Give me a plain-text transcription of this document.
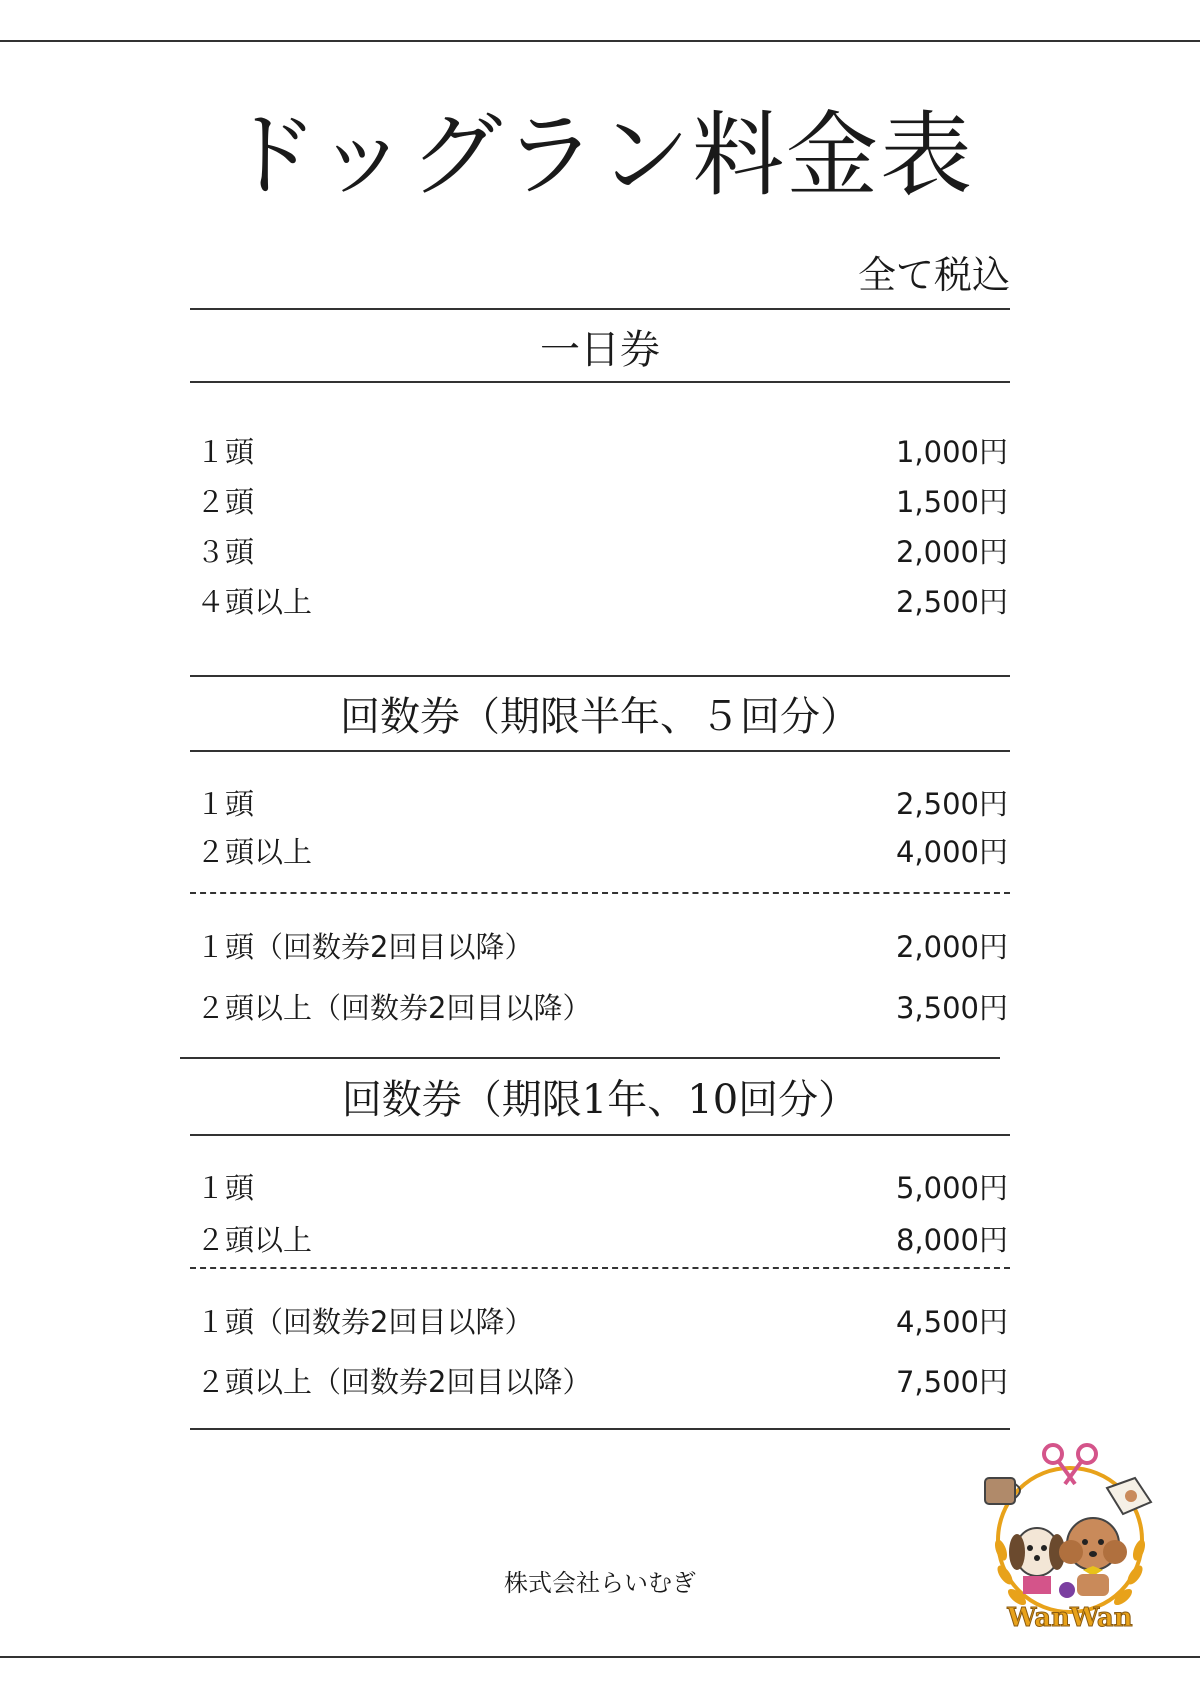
ドッグラン料金表
全て税込
一日券
１頭	1,000円
２頭	1,500円
３頭	2,000円
４頭以上	2,500円
回数券（期限半年、５回分）
１頭	2,500円
２頭以上	4,000円
１頭（回数券2回目以降）	2,000円
２頭以上（回数券2回目以降）	3,500円
回数券（期限1年、10回分）
１頭	5,000円
２頭以上	8,000円
１頭（回数券2回目以降）	4,500円
２頭以上（回数券2回目以降）	7,500円
株式会社らいむぎ
WanWan
